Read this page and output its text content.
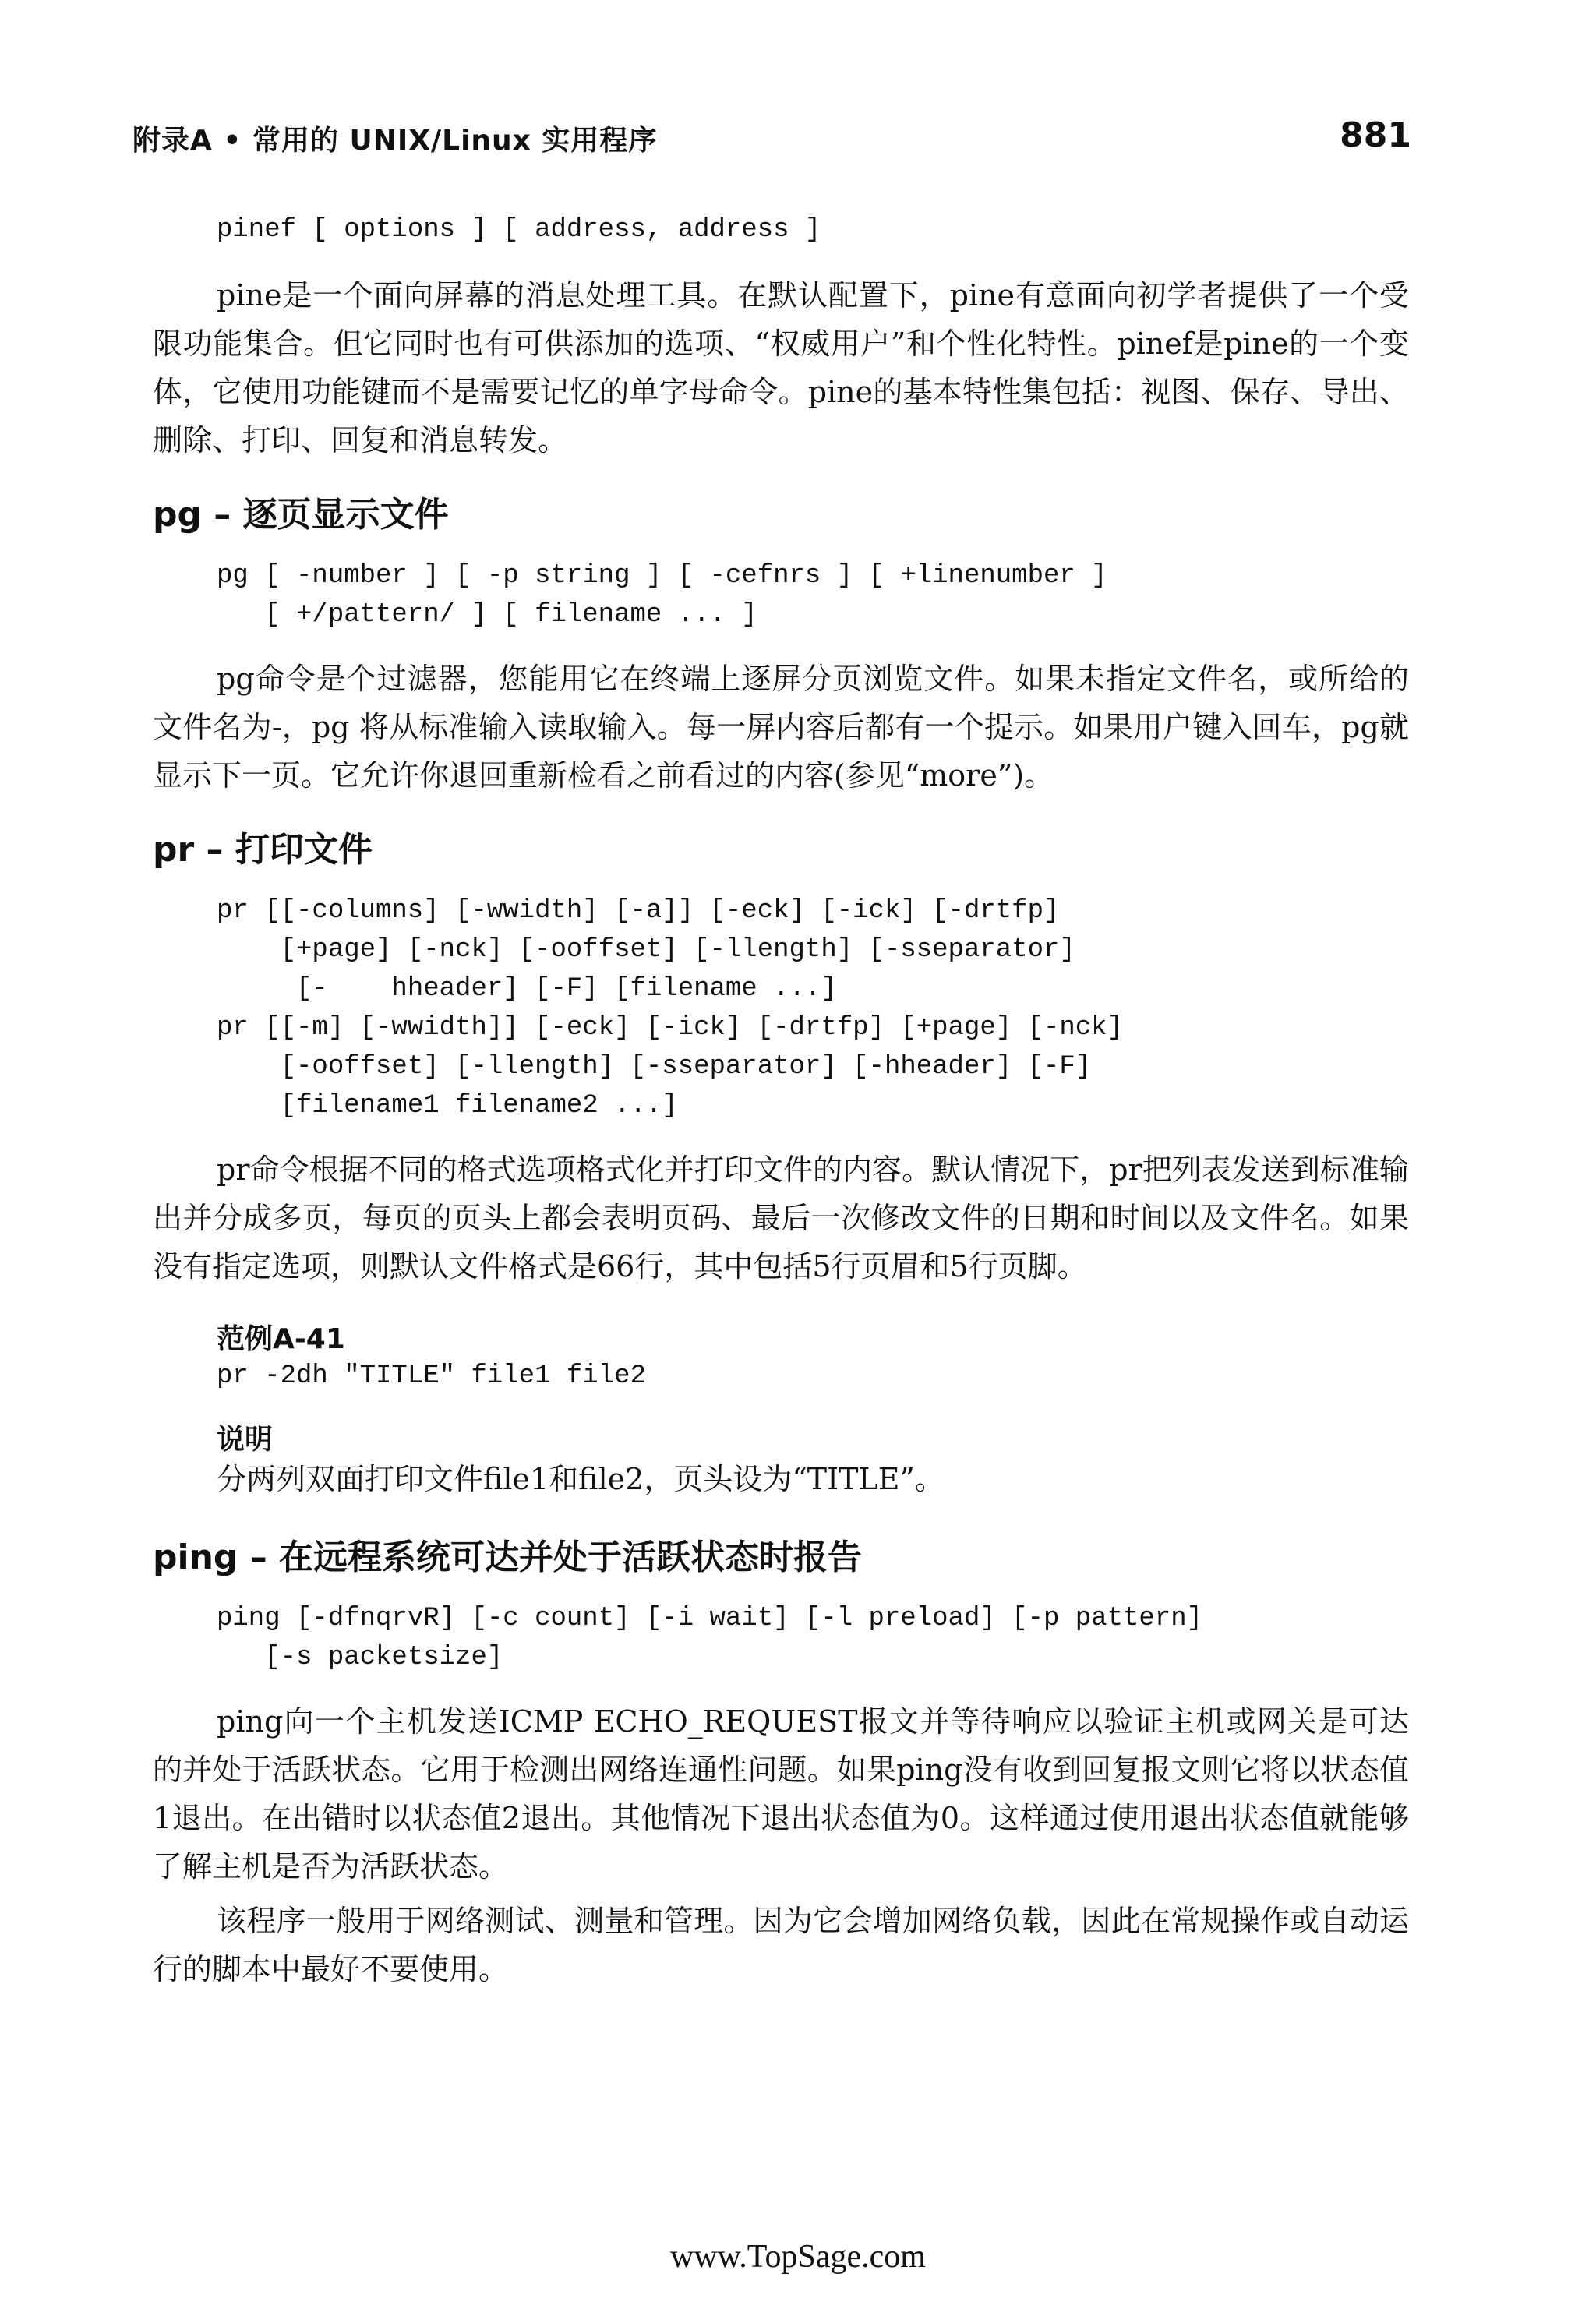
附录A • 常用的 UNIX/Linux 实用程序	881
pinef [ options ] [ address, address ]

pine是一个面向屏幕的消息处理工具。在默认配置下，pine有意面向初学者提供了一个受限功能集合。但它同时也有可供添加的选项、“权威用户”和个性化特性。pinef是pine的一个变体，它使用功能键而不是需要记忆的单字母命令。pine的基本特性集包括：视图、保存、导出、删除、打印、回复和消息转发。

pg – 逐页显示文件
pg [ -number ] [ -p string ] [ -cefnrs ] [ +linenumber ]
[ +/pattern/ ] [ filename ... ]

pg命令是个过滤器，您能用它在终端上逐屏分页浏览文件。如果未指定文件名，或所给的文件名为-，pg 将从标准输入读取输入。每一屏内容后都有一个提示。如果用户键入回车，pg就显示下一页。它允许你退回重新检看之前看过的内容(参见“more”)。

pr – 打印文件
pr [[-columns] [-wwidth] [-a]] [-eck] [-ick] [-drtfp]
[+page] [-nck] [-ooffset] [-llength] [-sseparator]
[-    hheader] [-F] [filename ...]
pr [[-m] [-wwidth]] [-eck] [-ick] [-drtfp] [+page] [-nck]
[-ooffset] [-llength] [-sseparator] [-hheader] [-F]
[filename1 filename2 ...]

pr命令根据不同的格式选项格式化并打印文件的内容。默认情况下，pr把列表发送到标准输出并分成多页，每页的页头上都会表明页码、最后一次修改文件的日期和时间以及文件名。如果没有指定选项，则默认文件格式是66行，其中包括5行页眉和5行页脚。

范例A-41
pr -2dh "TITLE" file1 file2
说明
分两列双面打印文件file1和file2，页头设为“TITLE”。
ping – 在远程系统可达并处于活跃状态时报告
ping [-dfnqrvR] [-c count] [-i wait] [-l preload] [-p pattern]
[-s packetsize]

ping向一个主机发送ICMP ECHO_REQUEST报文并等待响应以验证主机或网关是可达的并处于活跃状态。它用于检测出网络连通性问题。如果ping没有收到回复报文则它将以状态值1退出。在出错时以状态值2退出。其他情况下退出状态值为0。这样通过使用退出状态值就能够了解主机是否为活跃状态。

该程序一般用于网络测试、测量和管理。因为它会增加网络负载，因此在常规操作或自动运行的脚本中最好不要使用。

www.TopSage.com
